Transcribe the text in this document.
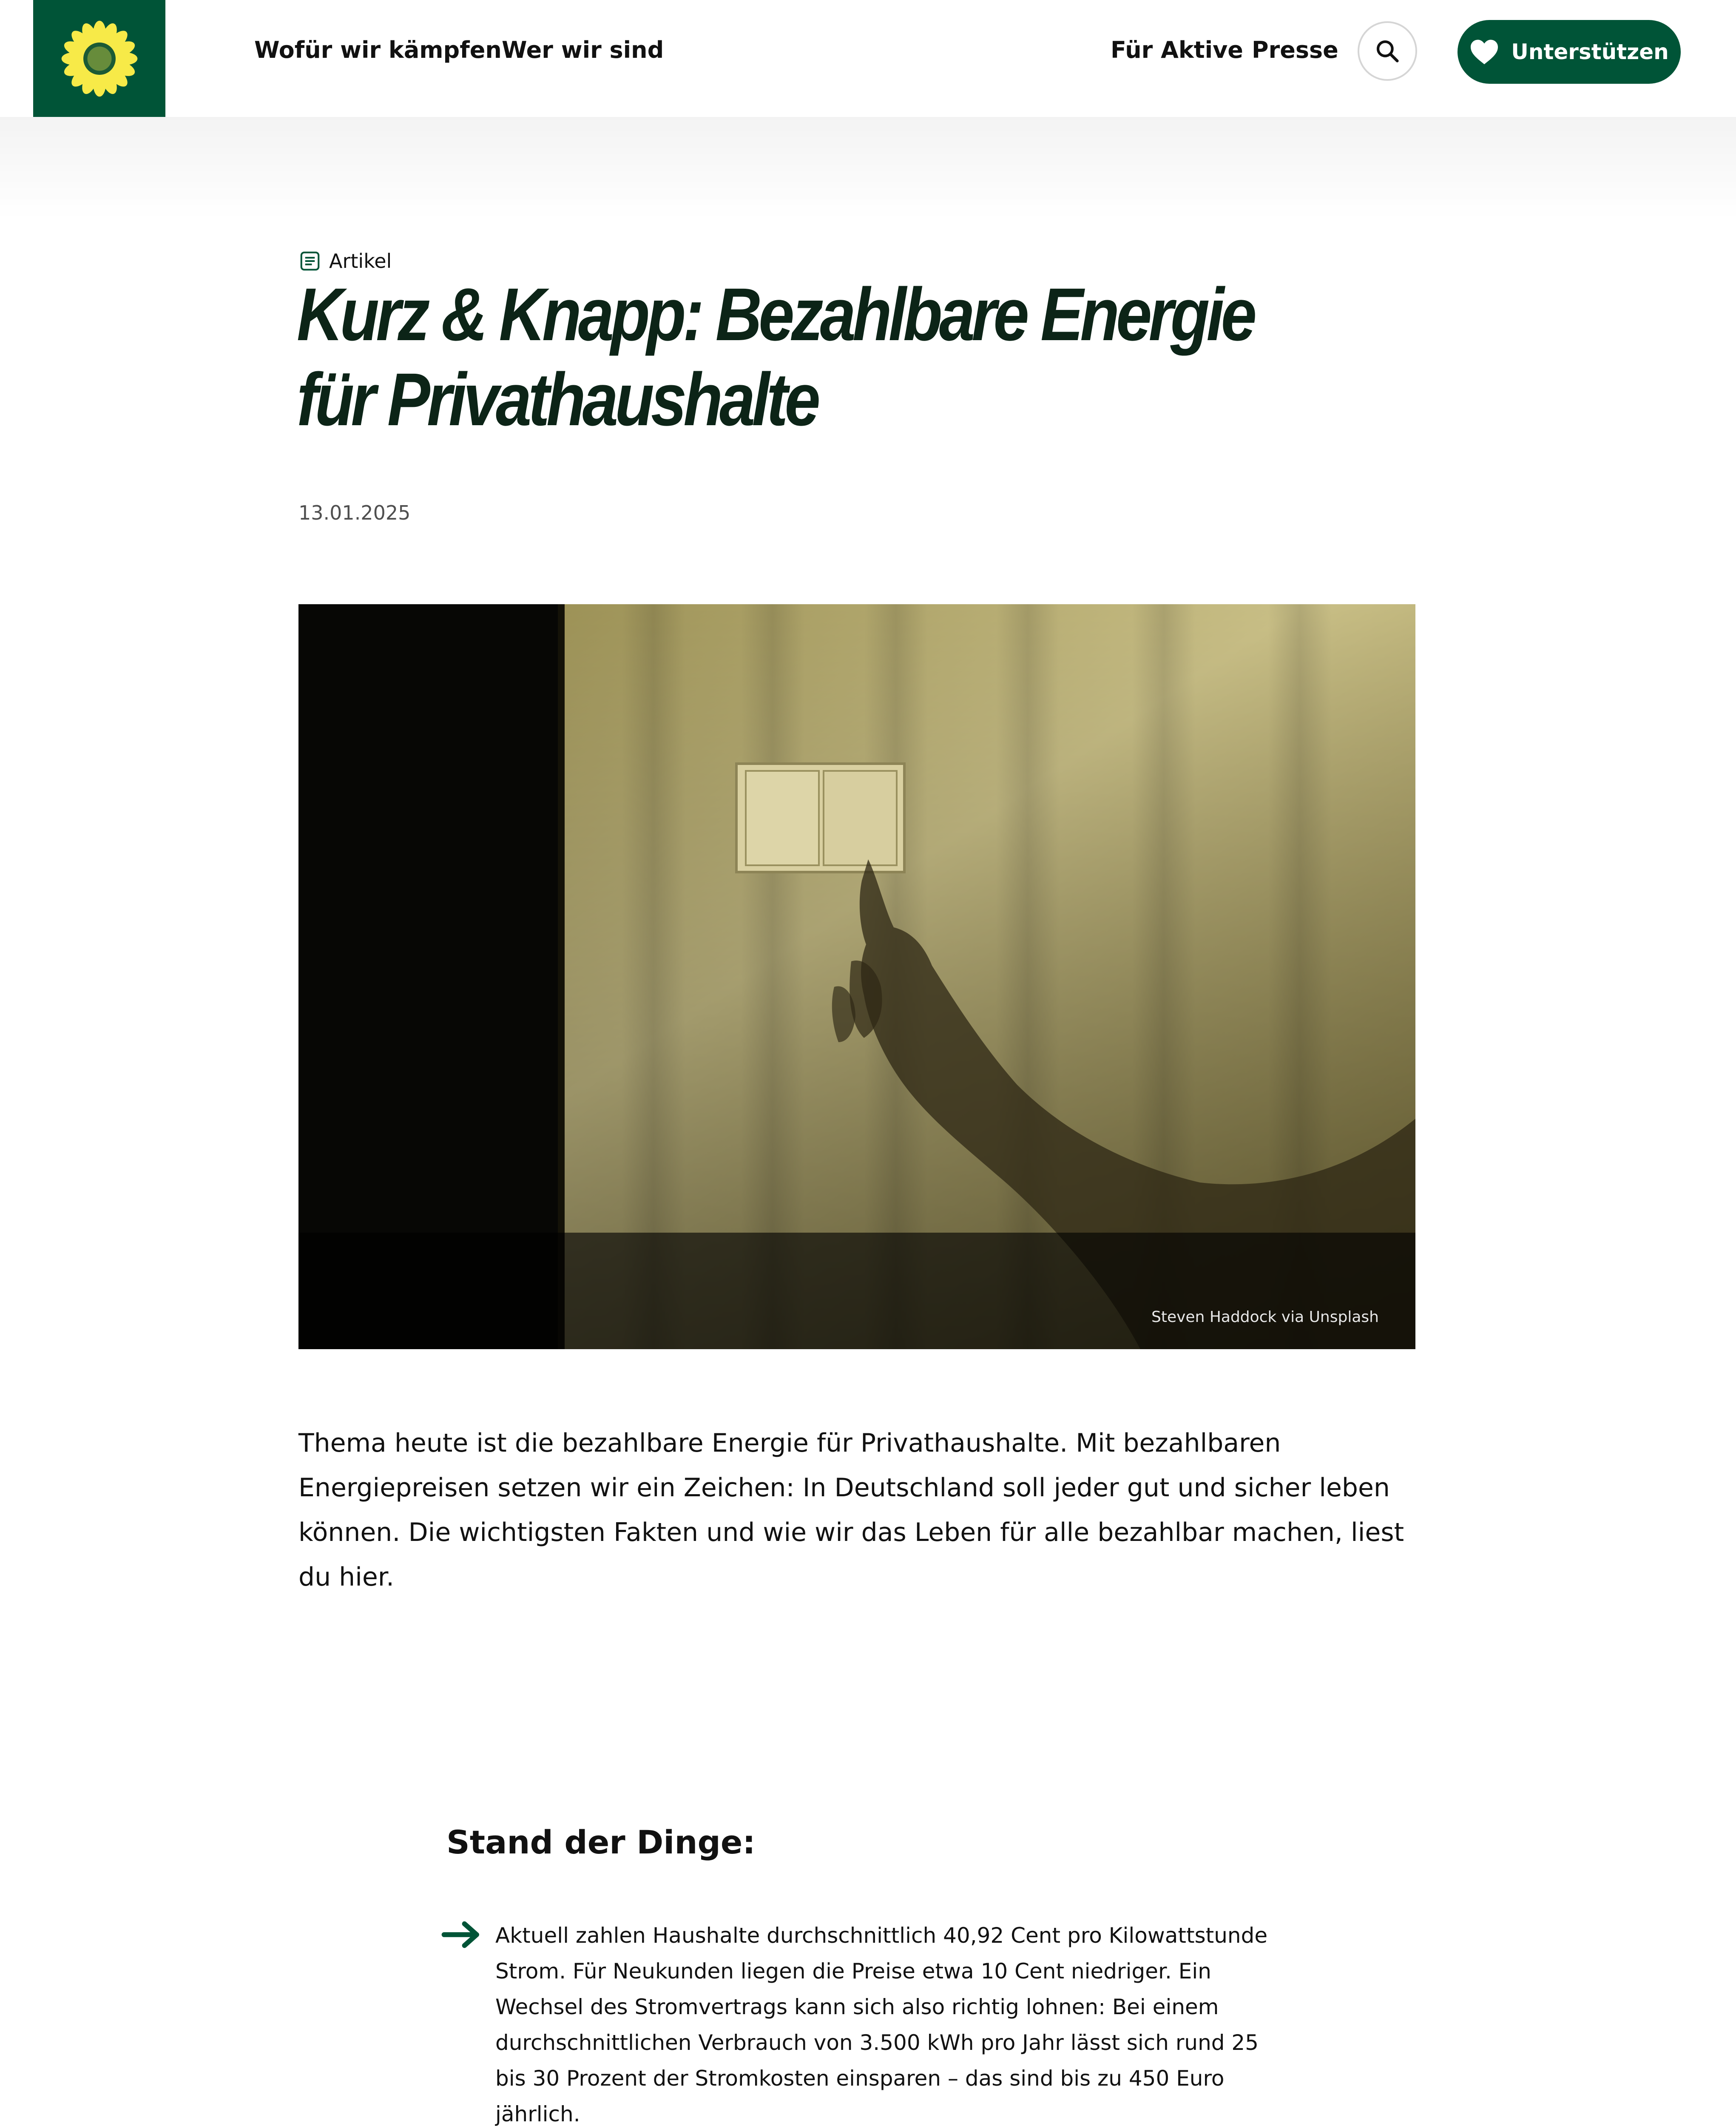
Wofür wir kämpfen Wer wir sind	Für Aktive Presse	Unterstützen
Artikel
Kurz & Knapp: Bezahlbare Energie für Privathaushalte
13.01.2025
Steven Haddock via Unsplash

Thema heute ist die bezahlbare Energie für Privathaushalte. Mit bezahlbaren Energiepreisen setzen wir ein Zeichen: In Deutschland soll jeder gut und sicher leben können. Die wichtigsten Fakten und wie wir das Leben für alle bezahlbar machen, liest du hier.

Stand der Dinge:
Aktuell zahlen Haushalte durchschnittlich 40,92 Cent pro Kilowattstunde Strom. Für Neukunden liegen die Preise etwa 10 Cent niedriger. Ein Wechsel des Stromvertrags kann sich also richtig lohnen: Bei einem durchschnittlichen Verbrauch von 3.500 kWh pro Jahr lässt sich rund 25 bis 30 Prozent der Stromkosten einsparen – das sind bis zu 450 Euro jährlich.
